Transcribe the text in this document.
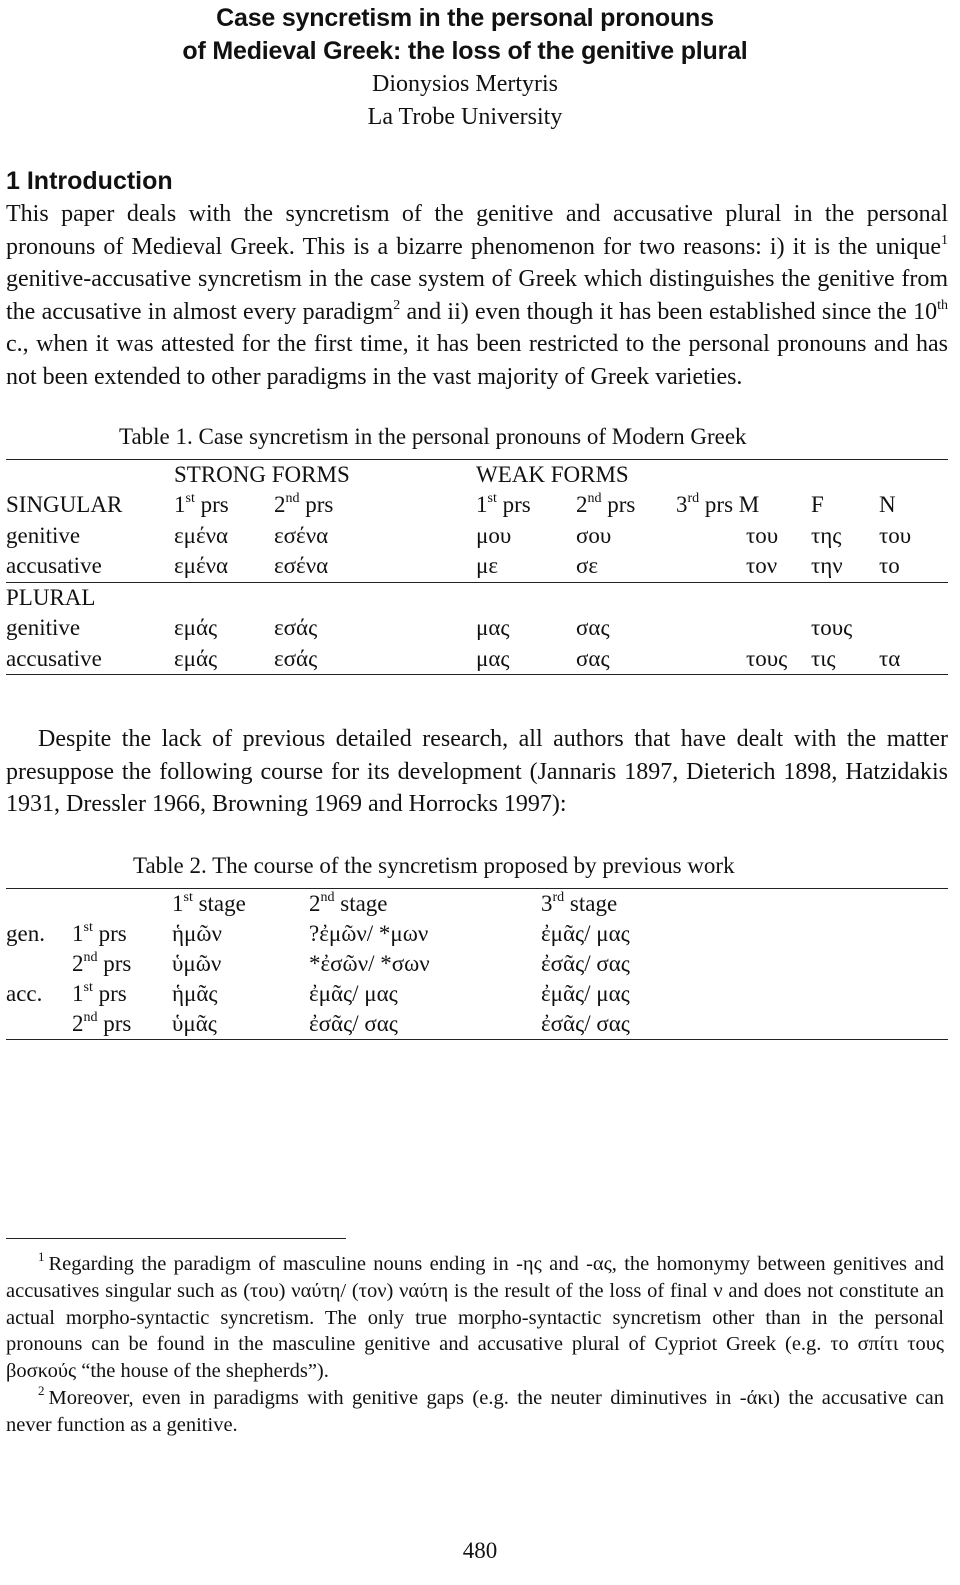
Case syncretism in the personal pronouns
of Medieval Greek: the loss of the genitive plural
Dionysios Mertyris
La Trobe University
1 Introduction

This paper deals with the syncretism of the genitive and accusative plural in the personal pronouns of Medieval Greek. This is a bizarre phenomenon for two reasons: i) it is the unique$^1$ genitive-accusative syncretism in the case system of Greek which distinguishes the genitive from the accusative in almost every paradigm$^2$ and ii) even though it has been established since the 10th c., when it was attested for the first time, it has been restricted to the personal pronouns and has not been extended to other paradigms in the vast majority of Greek varieties.

Table 1. Case syncretism in the personal pronouns of Modern Greek
	STRONG FORMS		WEAK FORMS				
SINGULAR	1st prs	2nd prs	1st prs	2nd prs	3rd prs M	F	N
genitive	εμένα	εσένα	μου	σου	του	της	του
accusative	εμένα	εσένα	με	σε	τον	την	το
PLURAL							
genitive	εμάς	εσάς	μας	σας		τους	
accusative	εμάς	εσάς	μας	σας	τους	τις	τα

Despite the lack of previous detailed research, all authors that have dealt with the matter presuppose the following course for its development (Jannaris 1897, Dieterich 1898, Hatzidakis 1931, Dressler 1966, Browning 1969 and Horrocks 1997):

Table 2. The course of the syncretism proposed by previous work
		1st stage	2nd stage	3rd stage
gen.	1st prs	ἡμῶν	?ἐμῶν/ *μων	ἐμᾶς/ μας
	2nd prs	ὑμῶν	*ἐσῶν/ *σων	ἐσᾶς/ σας
acc.	1st prs	ἡμᾶς	ἐμᾶς/ μας	ἐμᾶς/ μας
	2nd prs	ὑμᾶς	ἐσᾶς/ σας	ἐσᾶς/ σας

$^1$ Regarding the paradigm of masculine nouns ending in -ης and -ας, the homonymy between genitives and accusatives singular such as (του) ναύτη/ (τον) ναύτη is the result of the loss of final ν and does not constitute an actual morpho-syntactic syncretism. The only true morpho-syntactic syncretism other than in the personal pronouns can be found in the masculine genitive and accusative plural of Cypriot Greek (e.g. το σπίτι τους βοσκούς “the house of the shepherds”).

$^2$ Moreover, even in paradigms with genitive gaps (e.g. the neuter diminutives in -άκι) the accusative can never function as a genitive.

480
